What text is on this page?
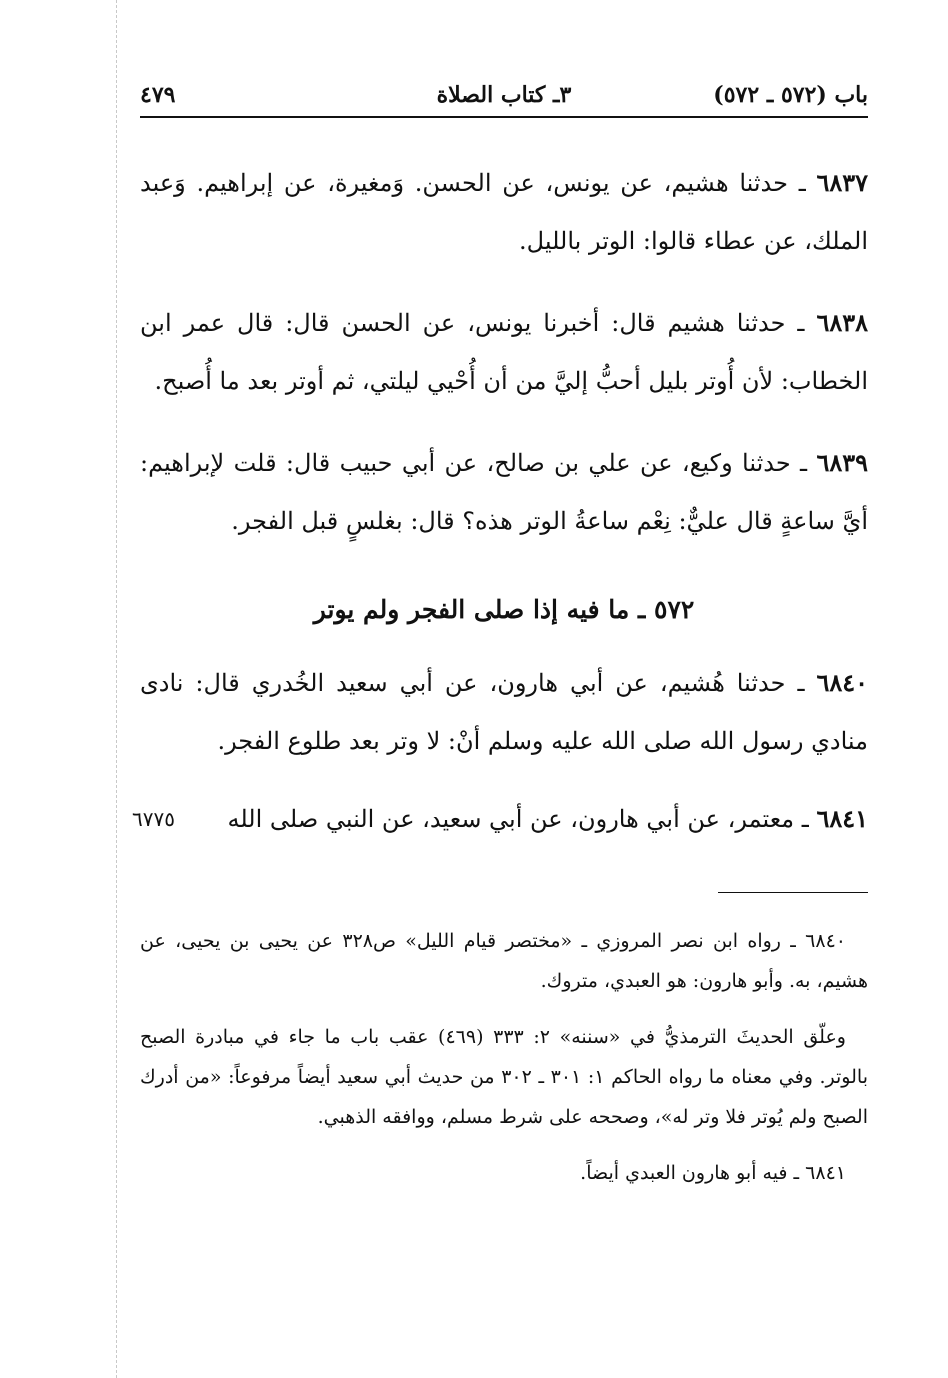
باب (٥٧٢ ـ ٥٧٢)
٣ـ كتاب الصلاة
٤٧٩

٦٨٣٧ ـ حدثنا هشيم، عن يونس، عن الحسن. وَمغيرة، عن إبراهيم. وَعبد الملك، عن عطاء قالوا: الوتر بالليل.

٦٨٣٨ ـ حدثنا هشيم قال: أخبرنا يونس، عن الحسن قال: قال عمر ابن الخطاب: لأن أُوتر بليل أحبُّ إليَّ من أن أُحْيي ليلتي، ثم أوتر بعد ما أُصبح.

٦٨٣٩ ـ حدثنا وكيع، عن علي بن صالح، عن أبي حبيب قال: قلت لإبراهيم: أيَّ ساعةٍ قال عليٌّ: نِعْم ساعةُ الوتر هذه؟ قال: بغلسٍ قبل الفجر.

٥٧٢ ـ ما فيه إذا صلى الفجر ولم يوتر

٦٨٤٠ ـ حدثنا هُشيم، عن أبي هارون، عن أبي سعيد الخُدري قال: نادى منادي رسول الله صلى الله عليه وسلم أنْ: لا وتر بعد طلوع الفجر.

٦٨٤١ ـ معتمر، عن أبي هارون، عن أبي سعيد، عن النبي صلى الله
٦٧٧٥

٦٨٤٠ ـ رواه ابن نصر المروزي ـ «مختصر قيام الليل» ص٣٢٨ عن يحيى بن يحيى، عن هشيم، به. وأبو هارون: هو العبدي، متروك.

وعلّق الحديثَ الترمذيُّ في «سننه» ٢: ٣٣٣ (٤٦٩) عقب باب ما جاء في مبادرة الصبح بالوتر. وفي معناه ما رواه الحاكم ١: ٣٠١ ـ ٣٠٢ من حديث أبي سعيد أيضاً مرفوعاً: «من أدرك الصبح ولم يُوتر فلا وتر له»، وصححه على شرط مسلم، ووافقه الذهبي.

٦٨٤١ ـ فيه أبو هارون العبدي أيضاً.
